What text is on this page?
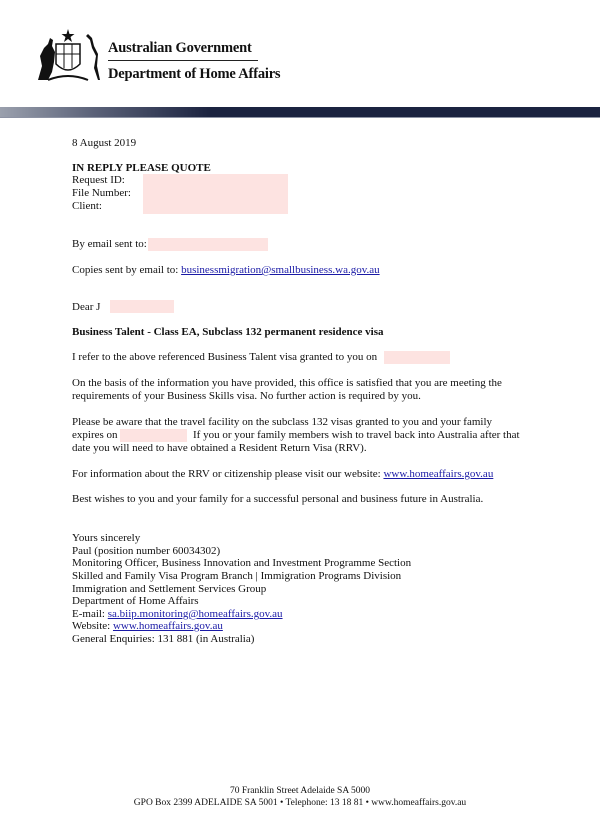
Australian Government
Department of Home Affairs
8 August 2019
IN REPLY PLEASE QUOTE
Request ID:
File Number:
Client:
By email sent to:
Copies sent by email to: businessmigration@smallbusiness.wa.gov.au
Dear J
Business Talent - Class EA, Subclass 132 permanent residence visa
I refer to the above referenced Business Talent visa granted to you on
On the basis of the information you have provided, this office is satisfied that you are meeting the
requirements of your Business Skills visa. No further action is required by you.
Please be aware that the travel facility on the subclass 132 visas granted to you and your family
expires on	If you or your family members wish to travel back into Australia after that
date you will need to have obtained a Resident Return Visa (RRV).
For information about the RRV or citizenship please visit our website: www.homeaffairs.gov.au
Best wishes to you and your family for a successful personal and business future in Australia.
Yours sincerely
Paul (position number 60034302)
Monitoring Officer, Business Innovation and Investment Programme Section
Skilled and Family Visa Program Branch | Immigration Programs Division
Immigration and Settlement Services Group
Department of Home Affairs
E-mail: sa.biip.monitoring@homeaffairs.gov.au
Website: www.homeaffairs.gov.au
General Enquiries: 131 881 (in Australia)
70 Franklin Street Adelaide SA 5000
GPO Box 2399 ADELAIDE SA 5001 • Telephone: 13 18 81 • www.homeaffairs.gov.au
